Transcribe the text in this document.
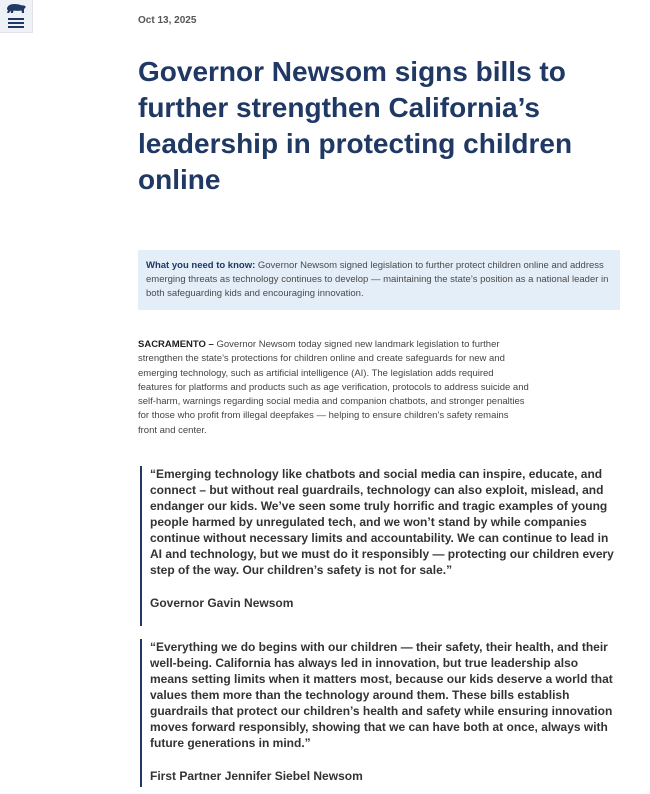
Oct 13, 2025
Governor Newsom signs bills to further strengthen California’s leadership in protecting children online
What you need to know: Governor Newsom signed legislation to further protect children online and address emerging threats as technology continues to develop — maintaining the state’s position as a national leader in both safeguarding kids and encouraging innovation.

SACRAMENTO – Governor Newsom today signed new landmark legislation to further strengthen the state’s protections for children online and create safeguards for new and emerging technology, such as artificial intelligence (AI). The legislation adds required features for platforms and products such as age verification, protocols to address suicide and self-harm, warnings regarding social media and companion chatbots, and stronger penalties for those who profit from illegal deepfakes — helping to ensure children’s safety remains front and center.

“Emerging technology like chatbots and social media can inspire, educate, and connect – but without real guardrails, technology can also exploit, mislead, and endanger our kids. We’ve seen some truly horrific and tragic examples of young people harmed by unregulated tech, and we won’t stand by while companies continue without necessary limits and accountability. We can continue to lead in AI and technology, but we must do it responsibly — protecting our children every step of the way. Our children’s safety is not for sale.”

Governor Gavin Newsom

“Everything we do begins with our children — their safety, their health, and their well-being. California has always led in innovation, but true leadership also means setting limits when it matters most, because our kids deserve a world that values them more than the technology around them. These bills establish guardrails that protect our children’s health and safety while ensuring innovation moves forward responsibly, showing that we can have both at once, always with future generations in mind.”

First Partner Jennifer Siebel Newsom
